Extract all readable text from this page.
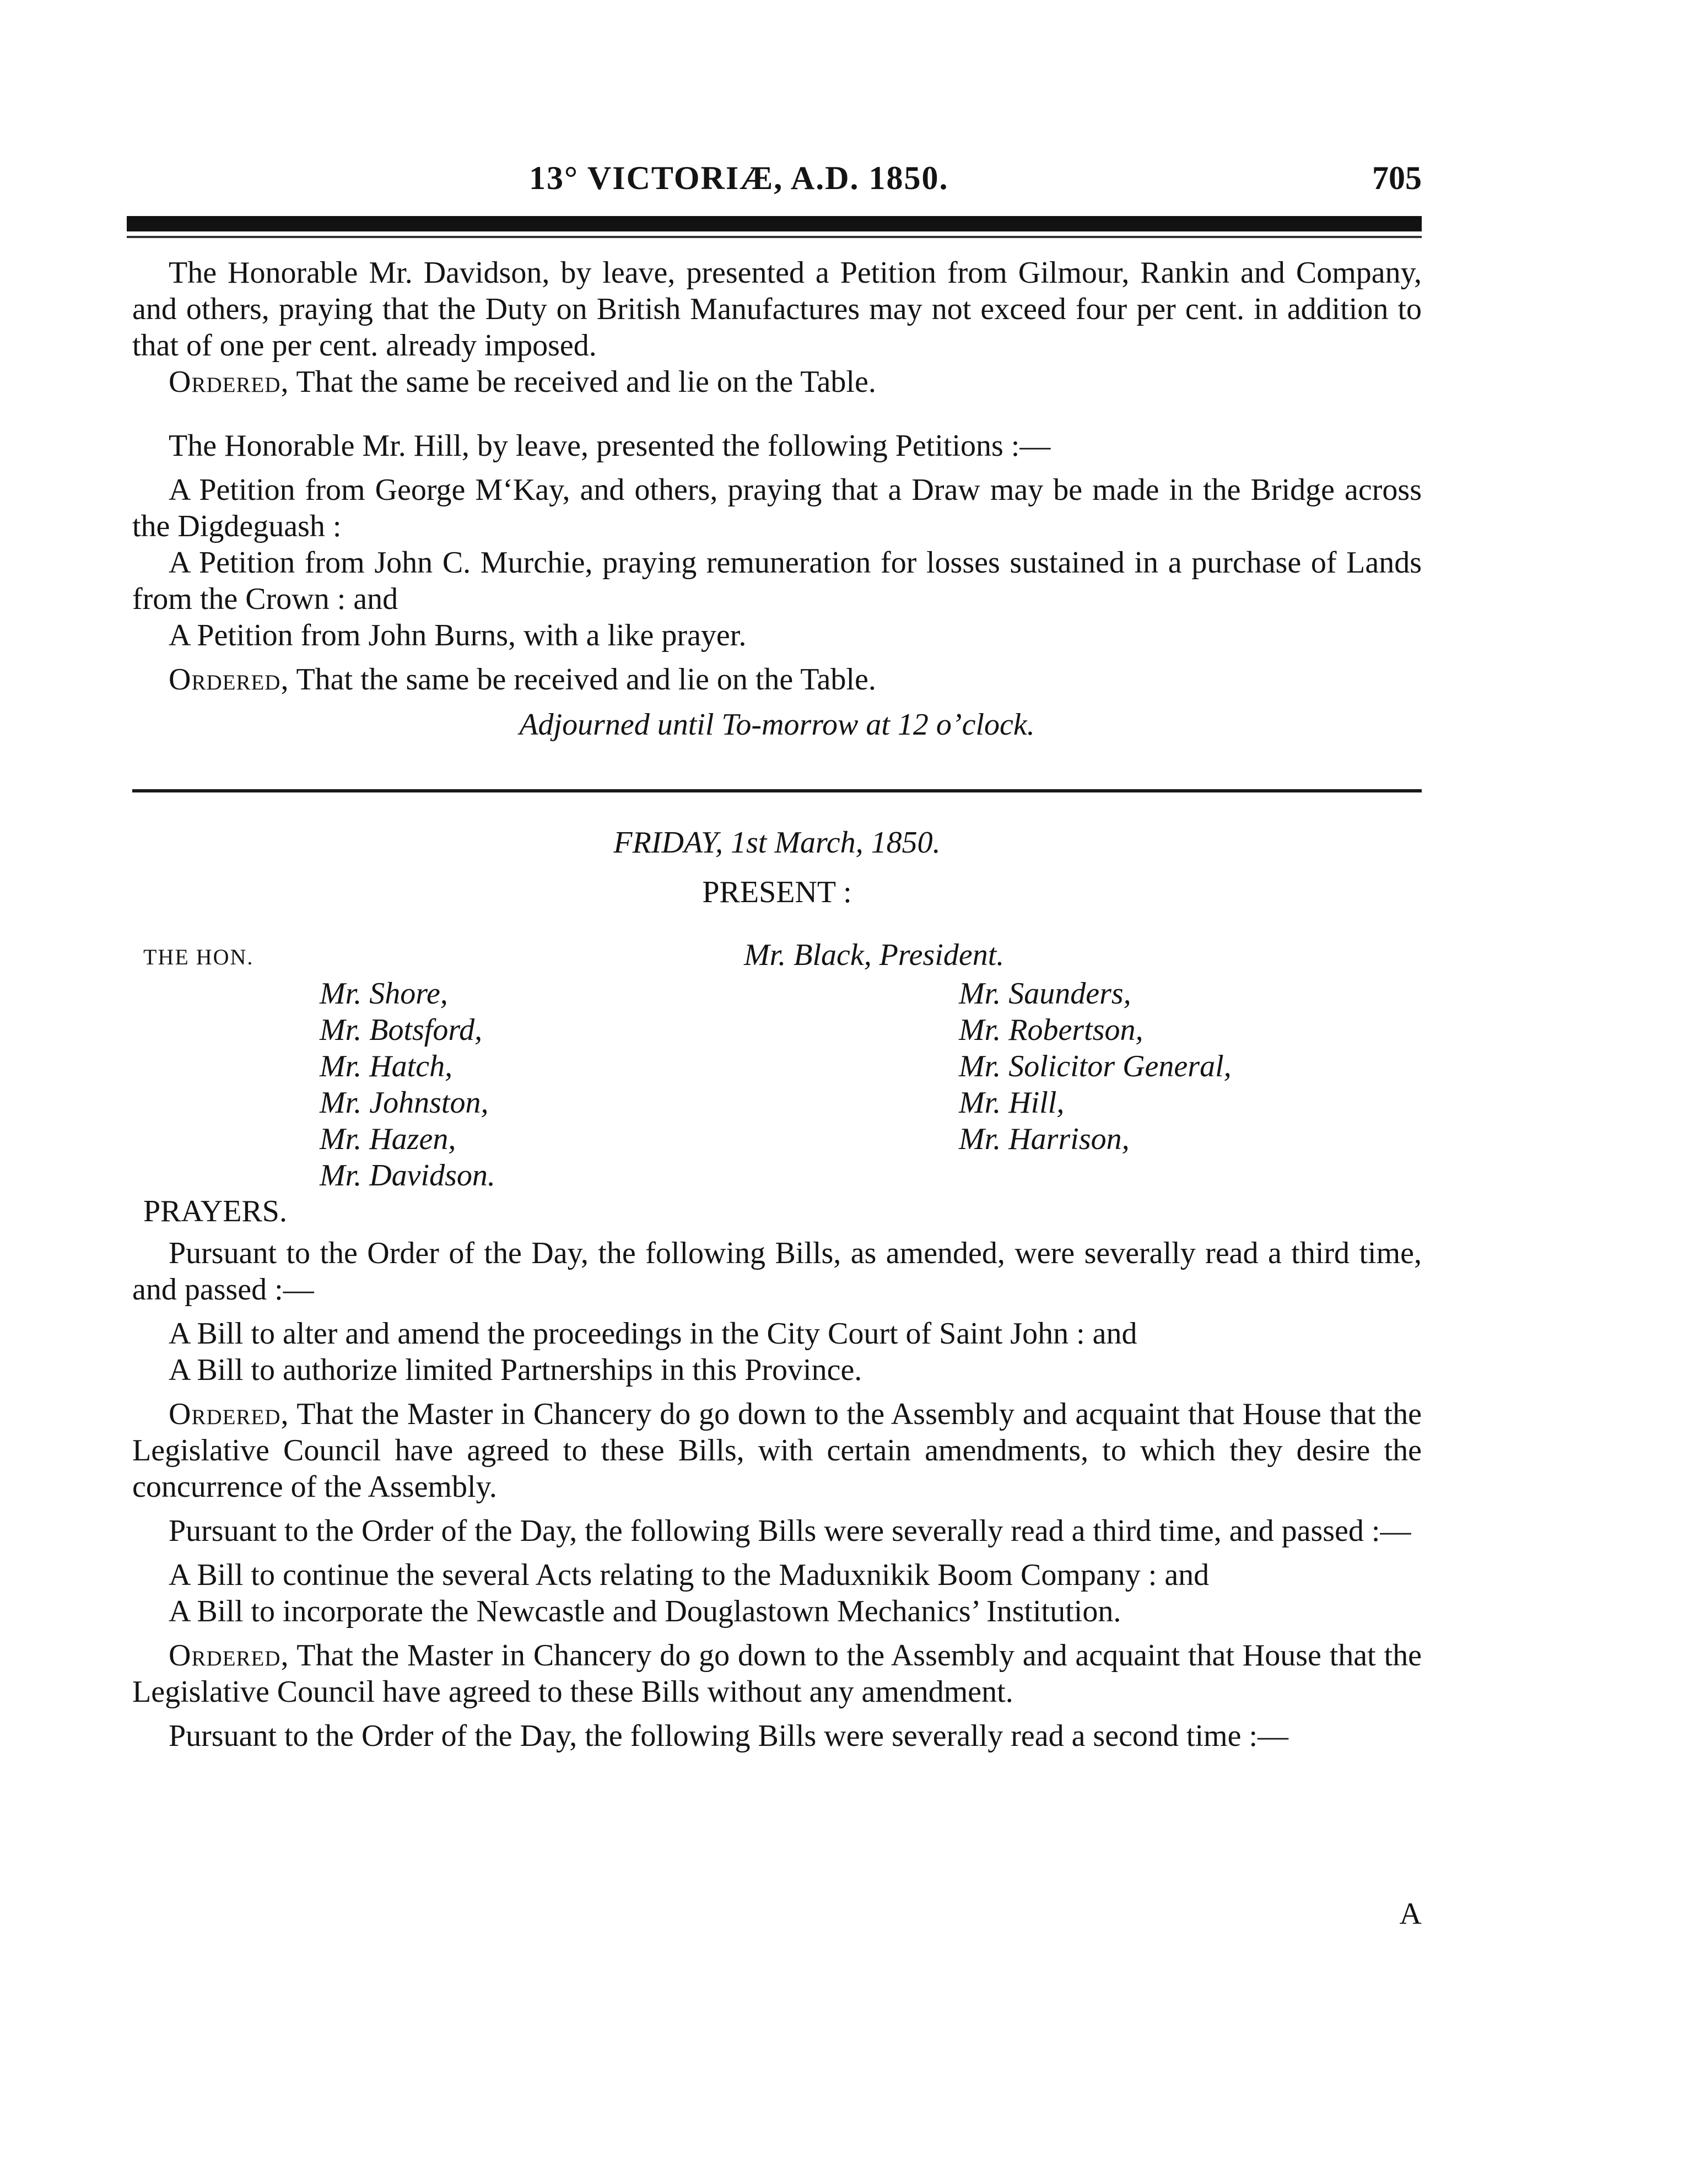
13° VICTORIÆ, A.D. 1850.	705

The Honorable Mr. Davidson, by leave, presented a Petition from Gilmour, Rankin and Company, and others, praying that the Duty on British Manufactures may not exceed four per cent. in addition to that of one per cent. already imposed.

Ordered, That the same be received and lie on the Table.

The Honorable Mr. Hill, by leave, presented the following Petitions :—

A Petition from George M‘Kay, and others, praying that a Draw may be made in the Bridge across the Digdeguash :

A Petition from John C. Murchie, praying remuneration for losses sustained in a purchase of Lands from the Crown : and

A Petition from John Burns, with a like prayer.

Ordered, That the same be received and lie on the Table.

Adjourned until To-morrow at 12 o’clock.

FRIDAY, 1st March, 1850.
PRESENT :
THE HON.	Mr. Black, President.
Mr. Shore,
Mr. Botsford,
Mr. Hatch,
Mr. Johnston,
Mr. Hazen,
Mr. Davidson.
Mr. Saunders,
Mr. Robertson,
Mr. Solicitor General,
Mr. Hill,
Mr. Harrison,

PRAYERS.

Pursuant to the Order of the Day, the following Bills, as amended, were severally read a third time, and passed :—

A Bill to alter and amend the proceedings in the City Court of Saint John : and

A Bill to authorize limited Partnerships in this Province.

Ordered, That the Master in Chancery do go down to the Assembly and acquaint that House that the Legislative Council have agreed to these Bills, with certain amendments, to which they desire the concurrence of the Assembly.

Pursuant to the Order of the Day, the following Bills were severally read a third time, and passed :—

A Bill to continue the several Acts relating to the Maduxnikik Boom Company : and

A Bill to incorporate the Newcastle and Douglastown Mechanics’ Institution.

Ordered, That the Master in Chancery do go down to the Assembly and acquaint that House that the Legislative Council have agreed to these Bills without any amendment.

Pursuant to the Order of the Day, the following Bills were severally read a second time :—

A
